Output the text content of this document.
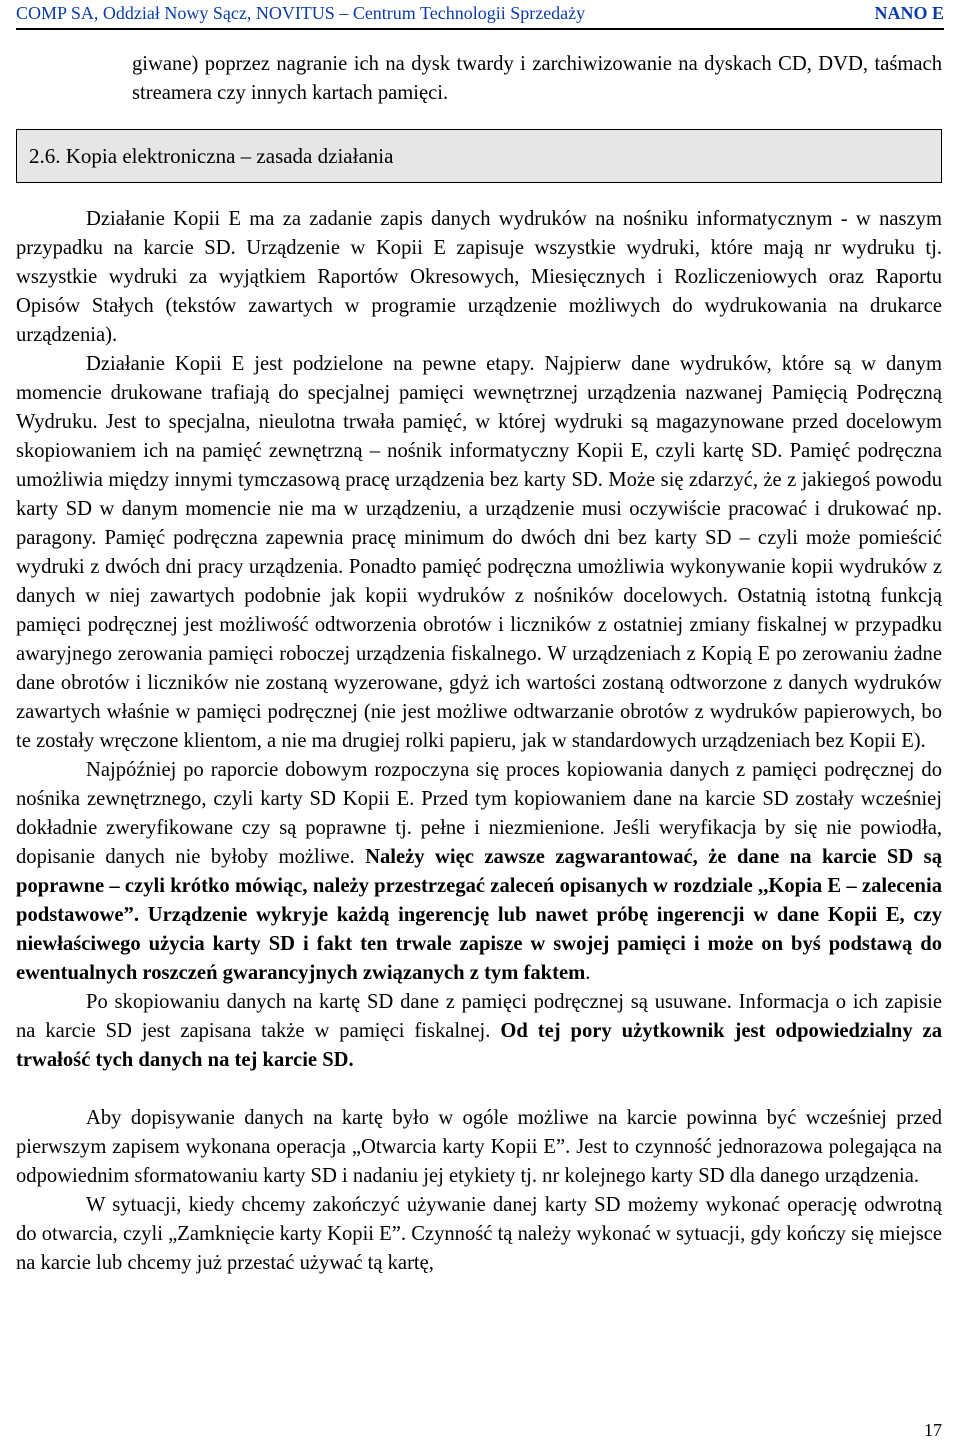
COMP SA, Oddział Nowy Sącz, NOVITUS – Centrum Technologii Sprzedaży	NANO E

giwane) poprzez nagranie ich na dysk twardy i zarchiwizowanie na dyskach CD, DVD, taśmach streamera czy innych kartach pamięci.

2.6. Kopia elektroniczna – zasada działania

Działanie Kopii E ma za zadanie zapis danych wydruków na nośniku informatycznym - w naszym przypadku na karcie SD. Urządzenie w Kopii E zapisuje wszystkie wydruki, które mają nr wydruku tj. wszystkie wydruki za wyjątkiem Raportów Okresowych, Miesięcznych i Rozliczeniowych oraz Raportu Opisów Stałych (tekstów zawartych w programie urządzenie możliwych do wydrukowania na drukarce urządzenia).

Działanie Kopii E jest podzielone na pewne etapy. Najpierw dane wydruków, które są w danym momencie drukowane trafiają do specjalnej pamięci wewnętrznej urządzenia nazwanej Pamięcią Podręczną Wydruku. Jest to specjalna, nieulotna trwała pamięć, w której wydruki są magazynowane przed docelowym skopiowaniem ich na pamięć zewnętrzną – nośnik informatyczny Kopii E, czyli kartę SD. Pamięć podręczna umożliwia między innymi tymczasową pracę urządzenia bez karty SD. Może się zdarzyć, że z jakiegoś powodu karty SD w danym momencie nie ma w urządzeniu, a urządzenie musi oczywiście pracować i drukować np. paragony. Pamięć podręczna zapewnia pracę minimum do dwóch dni bez karty SD – czyli może pomieścić wydruki z dwóch dni pracy urządzenia. Ponadto pamięć podręczna umożliwia wykonywanie kopii wydruków z danych w niej zawartych podobnie jak kopii wydruków z nośników docelowych. Ostatnią istotną funkcją pamięci podręcznej jest możliwość odtworzenia obrotów i liczników z ostatniej zmiany fiskalnej w przypadku awaryjnego zerowania pamięci roboczej urządzenia fiskalnego. W urządzeniach z Kopią E po zerowaniu żadne dane obrotów i liczników nie zostaną wyzerowane, gdyż ich wartości zostaną odtworzone z danych wydruków zawartych właśnie w pamięci podręcznej (nie jest możliwe odtwarzanie obrotów z wydruków papierowych, bo te zostały wręczone klientom, a nie ma drugiej rolki papieru, jak w standardowych urządzeniach bez Kopii E).

Najpóźniej po raporcie dobowym rozpoczyna się proces kopiowania danych z pamięci podręcznej do nośnika zewnętrznego, czyli karty SD Kopii E. Przed tym kopiowaniem dane na karcie SD zostały wcześniej dokładnie zweryfikowane czy są poprawne tj. pełne i niezmienione. Jeśli weryfikacja by się nie powiodła, dopisanie danych nie byłoby możliwe. Należy więc zawsze zagwarantować, że dane na karcie SD są poprawne – czyli krótko mówiąc, należy przestrzegać zaleceń opisanych w rozdziale ,,Kopia E – zalecenia podstawowe”. Urządzenie wykryje każdą ingerencję lub nawet próbę ingerencji w dane Kopii E, czy niewłaściwego użycia karty SD i fakt ten trwale zapisze w swojej pamięci i może on byś podstawą do ewentualnych roszczeń gwarancyjnych związanych z tym faktem.

Po skopiowaniu danych na kartę SD dane z pamięci podręcznej są usuwane. Informacja o ich zapisie na karcie SD jest zapisana także w pamięci fiskalnej. Od tej pory użytkownik jest odpowiedzialny za trwałość tych danych na tej karcie SD.

Aby dopisywanie danych na kartę było w ogóle możliwe na karcie powinna być wcześniej przed pierwszym zapisem wykonana operacja „Otwarcia karty Kopii E”. Jest to czynność jednorazowa polegająca na odpowiednim sformatowaniu karty SD i nadaniu jej etykiety tj. nr kolejnego karty SD dla danego urządzenia.

W sytuacji, kiedy chcemy zakończyć używanie danej karty SD możemy wykonać operację odwrotną do otwarcia, czyli „Zamknięcie karty Kopii E”. Czynność tą należy wykonać w sytuacji, gdy kończy się miejsce na karcie lub chcemy już przestać używać tą kartę,

17
